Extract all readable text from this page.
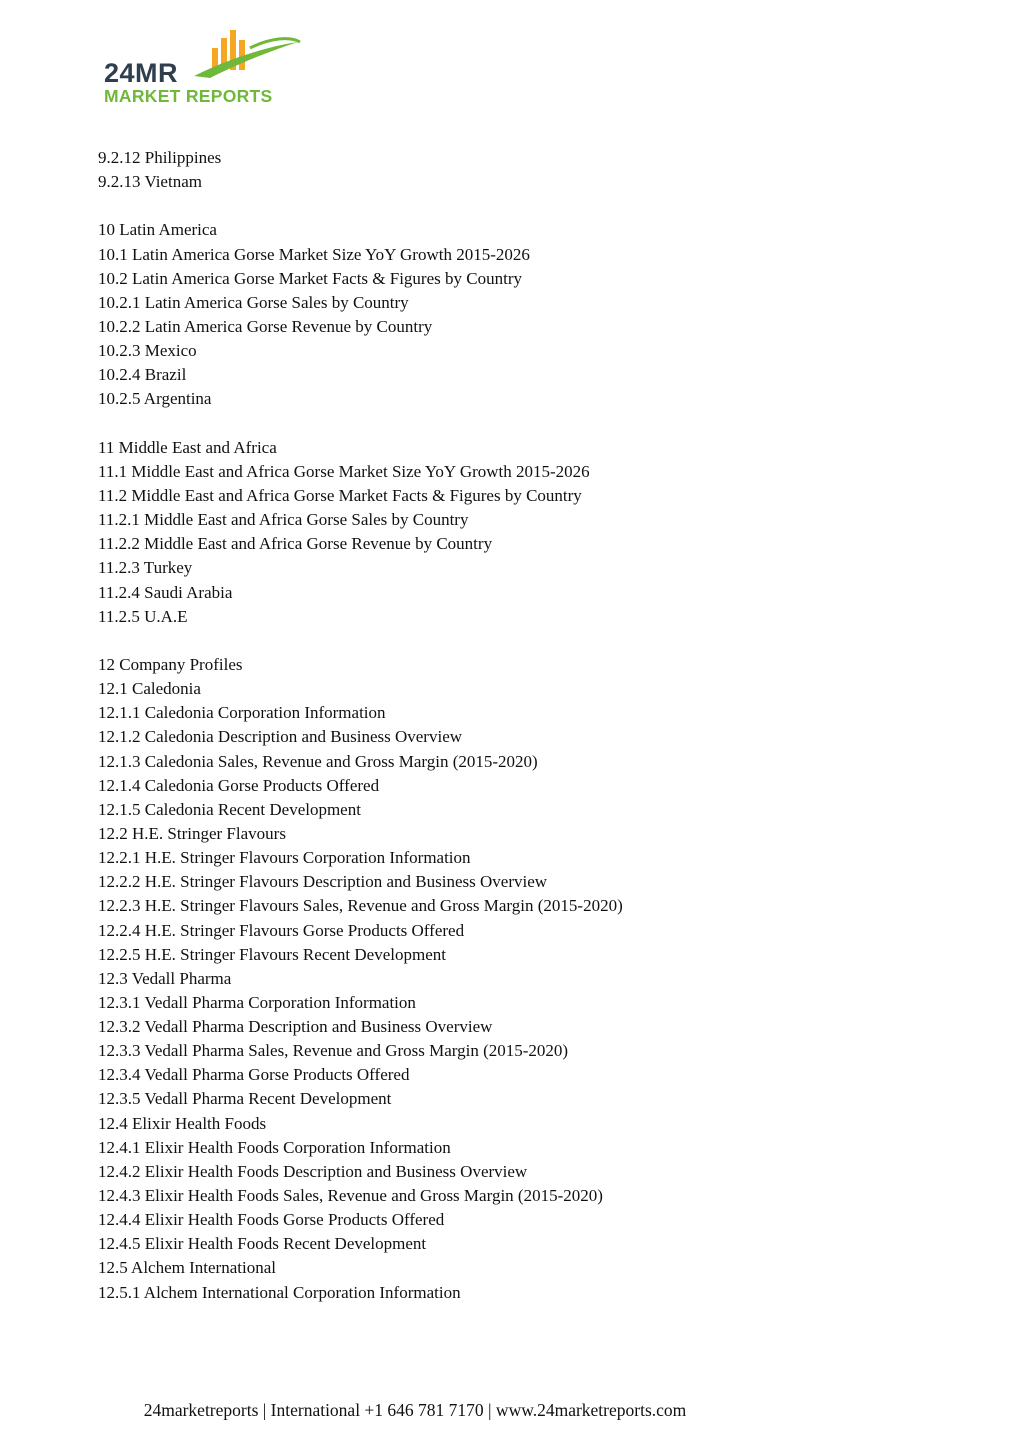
24MR
MARKET REPORTS
9.2.12 Philippines
9.2.13 Vietnam
10 Latin America
10.1 Latin America Gorse Market Size YoY Growth 2015-2026
10.2 Latin America Gorse Market Facts & Figures by Country
10.2.1 Latin America Gorse Sales by Country
10.2.2 Latin America Gorse Revenue by Country
10.2.3 Mexico
10.2.4 Brazil
10.2.5 Argentina
11 Middle East and Africa
11.1 Middle East and Africa Gorse Market Size YoY Growth 2015-2026
11.2 Middle East and Africa Gorse Market Facts & Figures by Country
11.2.1 Middle East and Africa Gorse Sales by Country
11.2.2 Middle East and Africa Gorse Revenue by Country
11.2.3 Turkey
11.2.4 Saudi Arabia
11.2.5 U.A.E
12 Company Profiles
12.1 Caledonia
12.1.1 Caledonia Corporation Information
12.1.2 Caledonia Description and Business Overview
12.1.3 Caledonia Sales, Revenue and Gross Margin (2015-2020)
12.1.4 Caledonia Gorse Products Offered
12.1.5 Caledonia Recent Development
12.2 H.E. Stringer Flavours
12.2.1 H.E. Stringer Flavours Corporation Information
12.2.2 H.E. Stringer Flavours Description and Business Overview
12.2.3 H.E. Stringer Flavours Sales, Revenue and Gross Margin (2015-2020)
12.2.4 H.E. Stringer Flavours Gorse Products Offered
12.2.5 H.E. Stringer Flavours Recent Development
12.3 Vedall Pharma
12.3.1 Vedall Pharma Corporation Information
12.3.2 Vedall Pharma Description and Business Overview
12.3.3 Vedall Pharma Sales, Revenue and Gross Margin (2015-2020)
12.3.4 Vedall Pharma Gorse Products Offered
12.3.5 Vedall Pharma Recent Development
12.4 Elixir Health Foods
12.4.1 Elixir Health Foods Corporation Information
12.4.2 Elixir Health Foods Description and Business Overview
12.4.3 Elixir Health Foods Sales, Revenue and Gross Margin (2015-2020)
12.4.4 Elixir Health Foods Gorse Products Offered
12.4.5 Elixir Health Foods Recent Development
12.5 Alchem International
12.5.1 Alchem International Corporation Information
24marketreports | International +1 646 781 7170 | www.24marketreports.com
